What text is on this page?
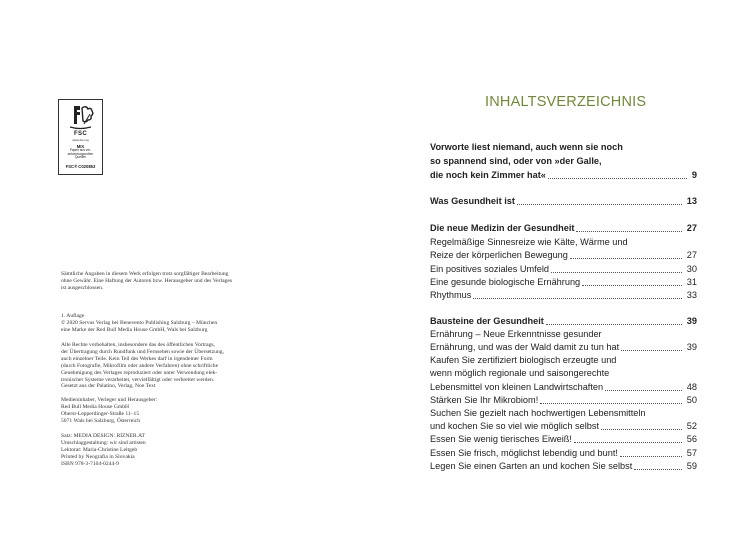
FSC
www.fsc.org
MIX
Papier aus ver-
antwortungsvollen
Quellen
FSC® C020853
Sämtliche Angaben in diesem Werk erfolgen trotz sorgfältiger Bearbeitung
ohne Gewähr. Eine Haftung der Autoren bzw. Herausgeber und des Verlages
ist ausgeschlossen.
1. Auflage
© 2020 Servus Verlag bei Benevento Publishing Salzburg – München
eine Marke der Red Bull Media House GmbH, Wals bei Salzburg
Alle Rechte vorbehalten, insbesondere das des öffentlichen Vortrags,
der Übertragung durch Rundfunk und Fernsehen sowie der Übersetzung,
auch einzelner Teile. Kein Teil des Werkes darf in irgendeiner Form
(durch Fotografie, Mikrofilm oder andere Verfahren) ohne schriftliche
Genehmigung des Verlages reproduziert oder unter Verwendung elek-
tronischer Systeme verarbeitet, vervielfältigt oder verbreitet werden.
Gesetzt aus der Palatino, Verlag, Noe Text
Medieninhaber, Verleger und Herausgeber:
Red Bull Media House GmbH
Oberst-Lepperdinger-Straße 11–15
5071 Wals bei Salzburg, Österreich
Satz: MEDIA DESIGN: RIZNER.AT
Umschlaggestaltung: wir sind artisten
Lektorat: Maria-Christine Leitgeb
Printed by Neografia in Slovakia
ISBN 978-3-7104-0244-9
INHALTSVERZEICHNIS
Vorworte liest niemand, auch wenn sie noch
so spannend sind, oder von »der Galle,
die noch kein Zimmer hat«	9
Was Gesundheit ist	13
Die neue Medizin der Gesundheit	27
Regelmäßige Sinnesreize wie Kälte, Wärme und
Reize der körperlichen Bewegung	27
Ein positives soziales Umfeld	30
Eine gesunde biologische Ernährung	31
Rhythmus	33
Bausteine der Gesundheit	39
Ernährung – Neue Erkenntnisse gesunder
Ernährung, und was der Wald damit zu tun hat	39
Kaufen Sie zertifiziert biologisch erzeugte und
wenn möglich regionale und saisongerechte
Lebensmittel von kleinen Landwirtschaften	48
Stärken Sie Ihr Mikrobiom!	50
Suchen Sie gezielt nach hochwertigen Lebensmitteln
und kochen Sie so viel wie möglich selbst	52
Essen Sie wenig tierisches Eiweiß!	56
Essen Sie frisch, möglichst lebendig und bunt!	57
Legen Sie einen Garten an und kochen Sie selbst	59
